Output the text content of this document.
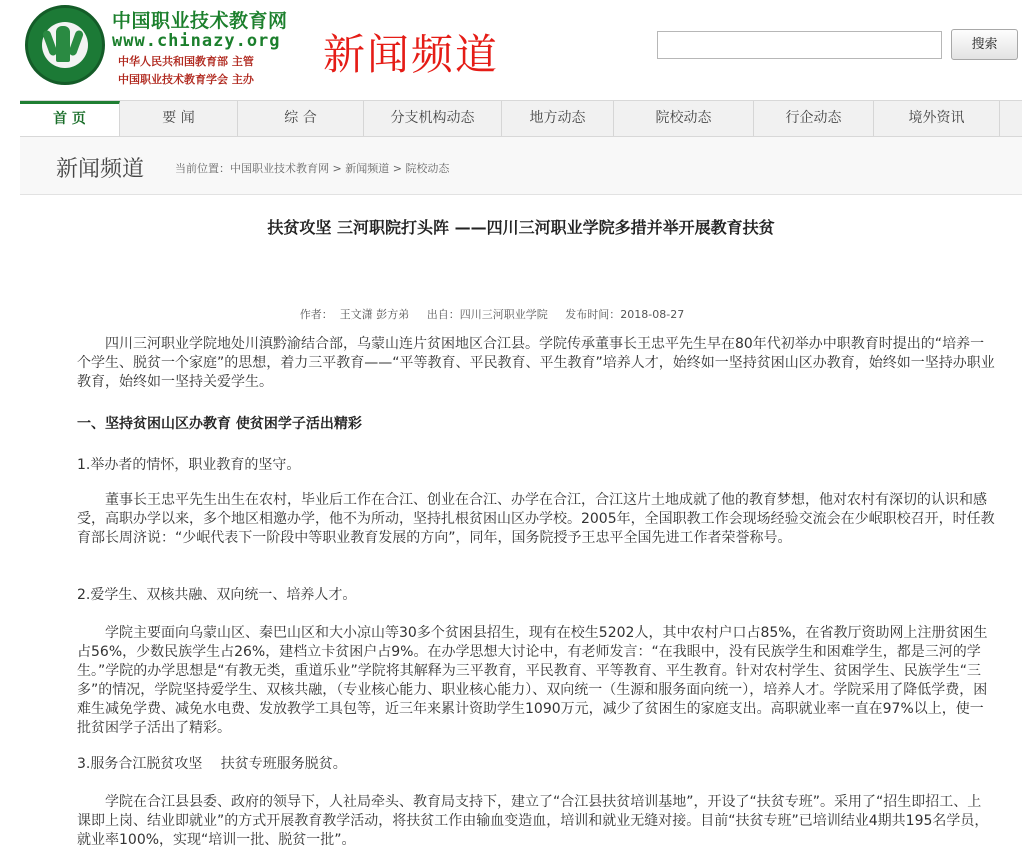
中国职业技术教育网
www.chinazy.org
中华人民共和国教育部 主管
中国职业技术教育学会 主办
新闻频道	搜索
首 页	要 闻	综 合	分支机构动态	地方动态	院校动态	行企动态	境外资讯
新闻频道	当前位置：中国职业技术教育网 > 新闻频道 > 院校动态
扶贫攻坚 三河职院打头阵 ——四川三河职业学院多措并举开展教育扶贫
作者： 王文潇 彭方弟 出自：四川三河职业学院 发布时间：2018-08-27

　　四川三河职业学院地处川滇黔渝结合部，乌蒙山连片贫困地区合江县。学院传承董事长王忠平先生早在80年代初举办中职教育时提出的“培养一个学生、脱贫一个家庭”的思想，着力三平教育——“平等教育、平民教育、平生教育”培养人才，始终如一坚持贫困山区办教育，始终如一坚持办职业教育，始终如一坚持关爱学生。

一、坚持贫困山区办教育 使贫困学子活出精彩

1.举办者的情怀，职业教育的坚守。

　　董事长王忠平先生出生在农村，毕业后工作在合江、创业在合江、办学在合江，合江这片土地成就了他的教育梦想，他对农村有深切的认识和感受，高职办学以来，多个地区相邀办学，他不为所动，坚持扎根贫困山区办学校。2005年，全国职教工作会现场经验交流会在少岷职校召开，时任教育部长周济说：“少岷代表下一阶段中等职业教育发展的方向”，同年，国务院授予王忠平全国先进工作者荣誉称号。

2.爱学生、双核共融、双向统一、培养人才。

　　学院主要面向乌蒙山区、秦巴山区和大小凉山等30多个贫困县招生，现有在校生5202人，其中农村户口占85%，在省教厅资助网上注册贫困生占56%，少数民族学生占26%，建档立卡贫困户占9%。在办学思想大讨论中，有老师发言：“在我眼中，没有民族学生和困难学生，都是三河的学生。”学院的办学思想是“有教无类，重道乐业”学院将其解释为三平教育，平民教育、平等教育、平生教育。针对农村学生、贫困学生、民族学生“三多”的情况，学院坚持爱学生、双核共融，（专业核心能力、职业核心能力）、双向统一（生源和服务面向统一），培养人才。学院采用了降低学费，困难生减免学费、减免水电费、发放教学工具包等，近三年来累计资助学生1090万元，减少了贫困生的家庭支出。高职就业率一直在97%以上，使一批贫困学子活出了精彩。

3.服务合江脱贫攻坚　 扶贫专班服务脱贫。

　　学院在合江县县委、政府的领导下，人社局牵头、教育局支持下，建立了“合江县扶贫培训基地”，开设了“扶贫专班”。采用了“招生即招工、上课即上岗、结业即就业”的方式开展教育教学活动，将扶贫工作由输血变造血，培训和就业无缝对接。目前“扶贫专班”已培训结业4期共195名学员，就业率100%，实现“培训一批、脱贫一批”。
